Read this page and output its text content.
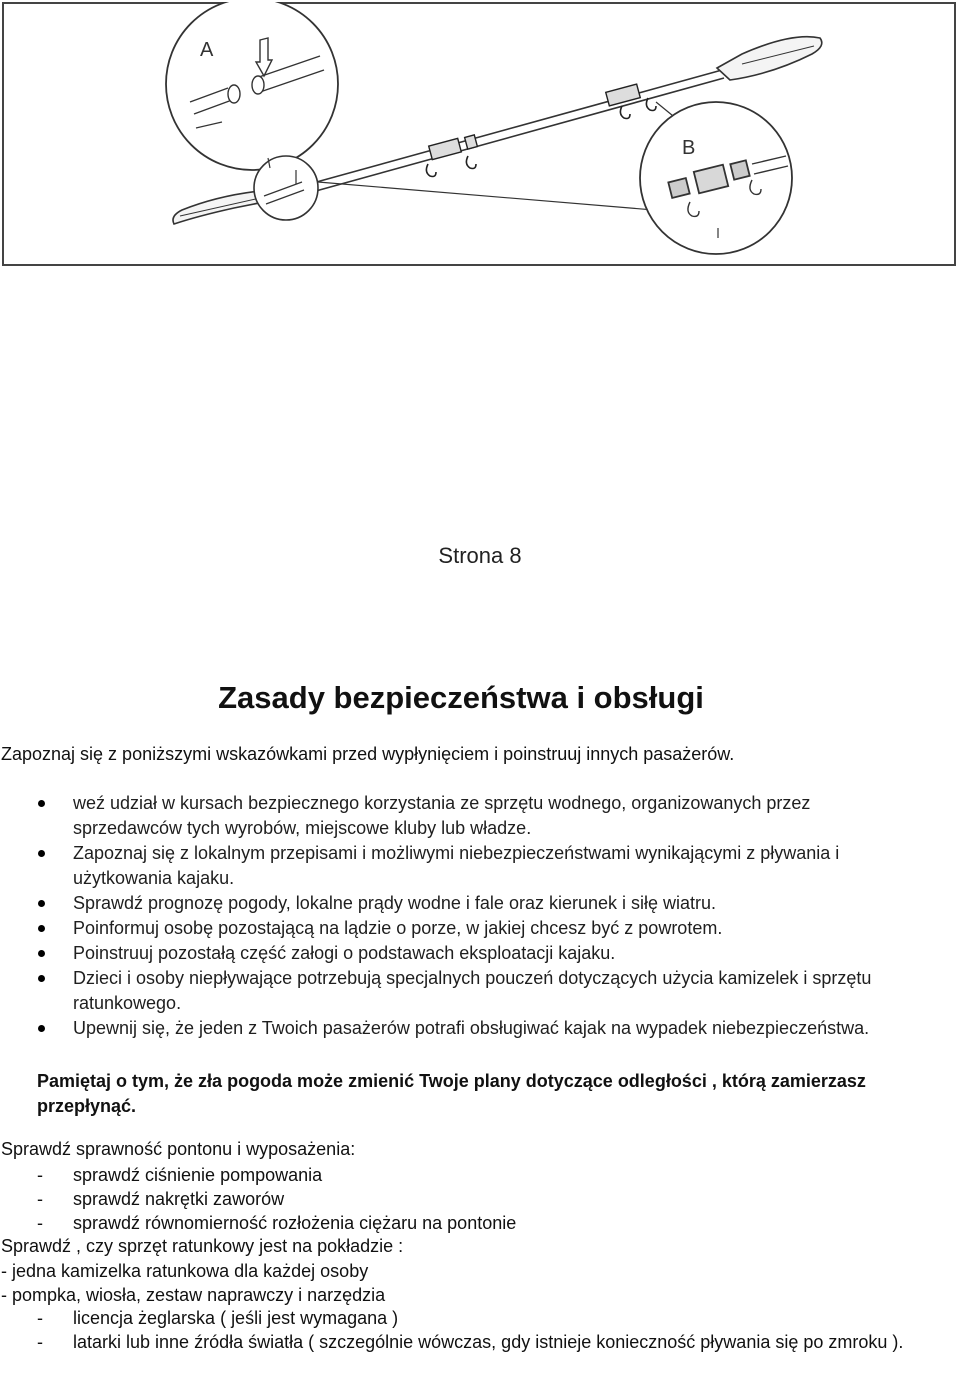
A
B
Strona 8
Zasady bezpieczeństwa i obsługi
Zapoznaj się z poniższymi wskazówkami przed wypłynięciem i poinstruuj innych pasażerów.
weź udział w kursach bezpiecznego korzystania ze sprzętu wodnego, organizowanych przez sprzedawców tych wyrobów, miejscowe kluby lub władze.
Zapoznaj się z lokalnym przepisami i możliwymi niebezpieczeństwami wynikającymi z pływania i użytkowania kajaku.
Sprawdź prognozę pogody, lokalne prądy wodne i fale oraz kierunek i siłę wiatru.
Poinformuj osobę pozostającą na lądzie o porze, w jakiej chcesz być z powrotem.
Poinstruuj pozostałą część załogi o podstawach eksploatacji kajaku.
Dzieci i osoby niepływające potrzebują specjalnych pouczeń dotyczących użycia kamizelek i sprzętu ratunkowego.
Upewnij się, że jeden z Twoich pasażerów potrafi obsługiwać kajak na wypadek niebezpieczeństwa.
Pamiętaj o tym, że zła pogoda może zmienić Twoje plany dotyczące odległości , którą zamierzasz przepłynąć.
Sprawdź sprawność pontonu i wyposażenia:
- sprawdź ciśnienie pompowania
- sprawdź nakrętki zaworów
- sprawdź równomierność rozłożenia ciężaru na pontonie
Sprawdź , czy sprzęt ratunkowy jest na pokładzie :
- jedna kamizelka ratunkowa dla każdej osoby
- pompka, wiosła, zestaw naprawczy i narzędzia
- licencja żeglarska ( jeśli jest wymagana )
- latarki lub inne źródła światła ( szczególnie wówczas, gdy istnieje konieczność pływania się po zmroku ).
